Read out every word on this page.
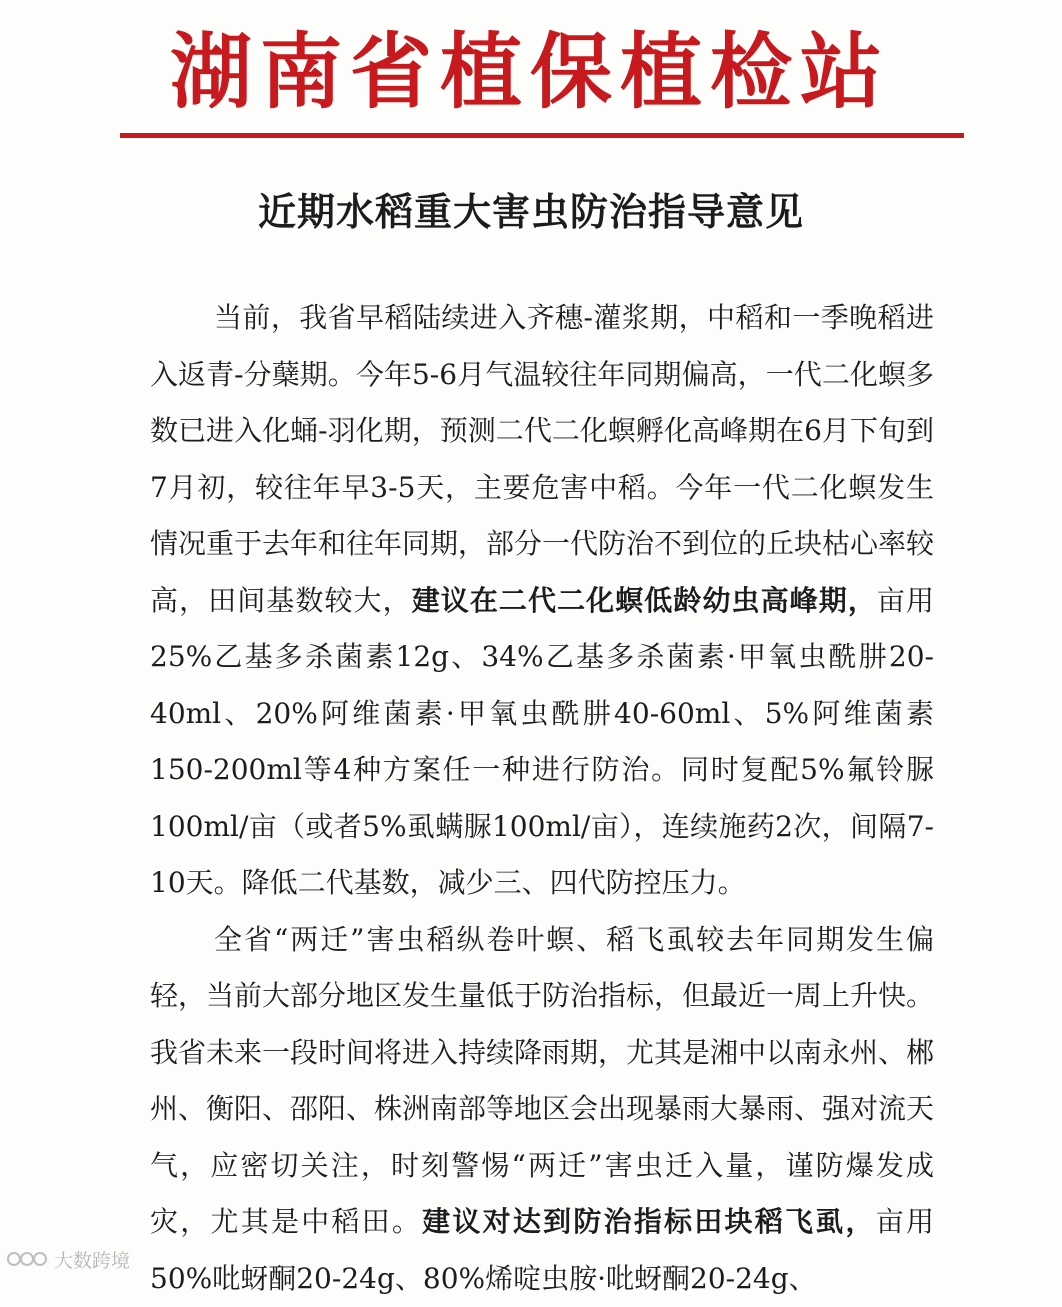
湖南省植保植检站
近期水稻重大害虫防治指导意见

当前，我省早稻陆续进入齐穗-灌浆期，中稻和一季晚稻进入返青-分蘖期。今年5-6月气温较往年同期偏高，一代二化螟多数已进入化蛹-羽化期，预测二代二化螟孵化高峰期在6月下旬到7月初，较往年早3-5天，主要危害中稻。今年一代二化螟发生情况重于去年和往年同期，部分一代防治不到位的丘块枯心率较高，田间基数较大，建议在二代二化螟低龄幼虫高峰期，亩用25%乙基多杀菌素12g、34%乙基多杀菌素·甲氧虫酰肼20-40ml、20%阿维菌素·甲氧虫酰肼40-60ml、5%阿维菌素150-200ml等4种方案任一种进行防治。同时复配5%氟铃脲100ml/亩（或者5%虱螨脲100ml/亩），连续施药2次，间隔7-10天。降低二代基数，减少三、四代防控压力。

全省“两迁”害虫稻纵卷叶螟、稻飞虱较去年同期发生偏轻，当前大部分地区发生量低于防治指标，但最近一周上升快。我省未来一段时间将进入持续降雨期，尤其是湘中以南永州、郴州、衡阳、邵阳、株洲南部等地区会出现暴雨大暴雨、强对流天气，应密切关注，时刻警惕“两迁”害虫迁入量，谨防爆发成灾，尤其是中稻田。建议对达到防治指标田块稻飞虱，亩用50%吡蚜酮20-24g、80%烯啶虫胺·吡蚜酮20-24g、

大数跨境
